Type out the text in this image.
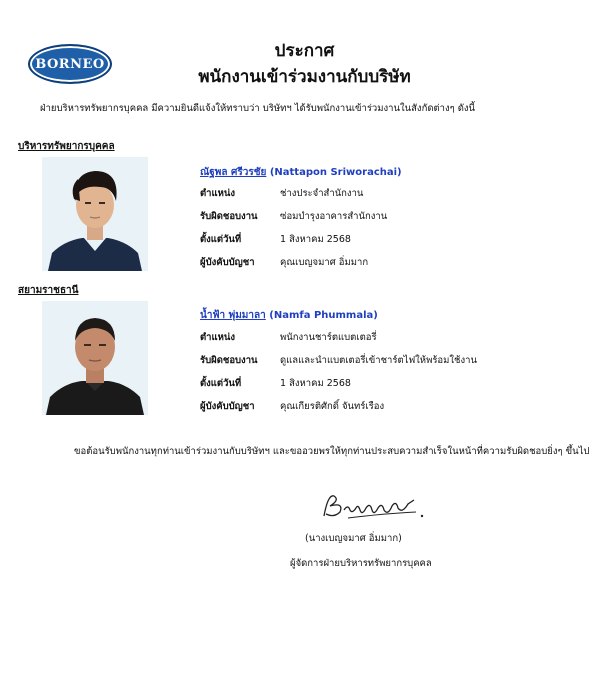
BORNEO
ประกาศ
พนักงานเข้าร่วมงานกับบริษัท
ฝ่ายบริหารทรัพยากรบุคคล มีความยินดีแจ้งให้ทราบว่า บริษัทฯ ได้รับพนักงานเข้าร่วมงานในสังกัดต่างๆ ดังนี้
บริหารทรัพยากรบุคคล
ณัฐพล ศรีวรชัย (Nattapon Sriworachai)
ตำแหน่ง	ช่างประจำสำนักงาน
รับผิดชอบงาน ซ่อมบำรุงอาคารสำนักงาน
ตั้งแต่วันที่	1 สิงหาคม 2568
ผู้บังคับบัญชา	คุณเบญจมาศ อิ่มมาก
สยามราชธานี
น้ำฟ้า พุ่มมาลา (Namfa Phummala)
ตำแหน่ง	พนักงานชาร์ตแบตเตอรี่
รับผิดชอบงาน ดูแลและนำแบตเตอรี่เข้าชาร์ตไฟให้พร้อมใช้งาน
ตั้งแต่วันที่	1 สิงหาคม 2568
ผู้บังคับบัญชา	คุณเกียรติศักดิ์ จันทร์เรือง
ขอต้อนรับพนักงานทุกท่านเข้าร่วมงานกับบริษัทฯ และขออวยพรให้ทุกท่านประสบความสำเร็จในหน้าที่ความรับผิดชอบยิ่งๆ ขึ้นไป
(นางเบญจมาศ อิ่มมาก)
ผู้จัดการฝ่ายบริหารทรัพยากรบุคคล
